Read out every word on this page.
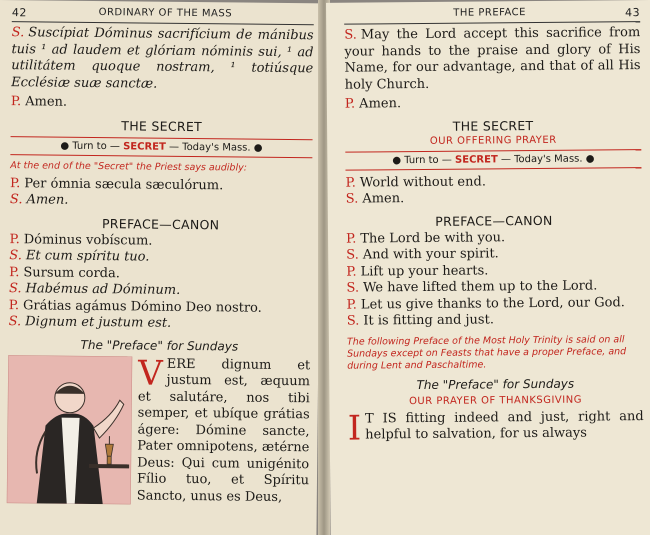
42	ORDINARY OF THE MASS

S. Suscípiat Dóminus sacrifícium de mánibus tuis ¹ ad laudem et glóriam nóminis sui, ¹ ad utilitátem quoque nostram, ¹ totiúsque Ecclésiæ suæ sanctæ.

P. Amen.

THE SECRET
● Turn to — SECRET — Today's Mass. ●
At the end of the "Secret" the Priest says audibly:

P. Per ómnia sæcula sæculórum.

S. Amen.

PREFACE—CANON

P. Dóminus vobíscum.

S. Et cum spíritu tuo.

P. Sursum corda.

S. Habémus ad Dóminum.

P. Grátias agámus Dómino Deo nostro.

S. Dignum et justum est.

The "Preface" for Sundays

VERE dignum et justum est, æquum et salutáre, nos tibi semper, et ubíque grátias ágere: Dómine sancte, Pater omnipotens, ætérne Deus: Qui cum unigénito Fílio tuo, et Spíritu Sancto, unus es Deus,

THE PREFACE	43

S. May the Lord accept this sacrifice from your hands to the praise and glory of His Name, for our advantage, and that of all His holy Church.

P. Amen.

THE SECRET
OUR OFFERING PRAYER
● Turn to — SECRET — Today's Mass. ●

P. World without end.

S. Amen.

PREFACE—CANON

P. The Lord be with you.

S. And with your spirit.

P. Lift up your hearts.

S. We have lifted them up to the Lord.

P. Let us give thanks to the Lord, our God.

S. It is fitting and just.

The following Preface of the Most Holy Trinity is said on all Sundays except on Feasts that have a proper Preface, and during Lent and Paschaltime.
The "Preface" for Sundays
OUR PRAYER OF THANKSGIVING

I T IS fitting indeed and just, right and helpful to salvation, for us always
